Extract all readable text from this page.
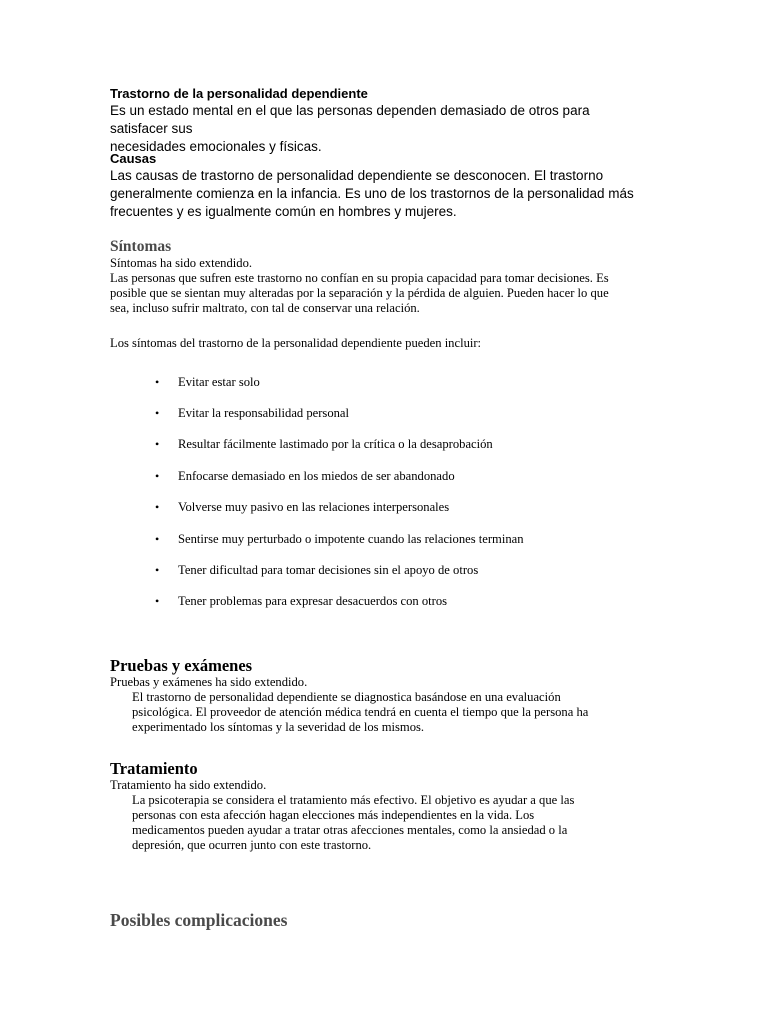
Trastorno de la personalidad dependiente

Es un estado mental en el que las personas dependen demasiado de otros para satisfacer sus

necesidades emocionales y físicas.

Causas

Las causas de trastorno de personalidad dependiente se desconocen. El trastorno

generalmente comienza en la infancia. Es uno de los trastornos de la personalidad más

frecuentes y es igualmente común en hombres y mujeres.

Síntomas

Síntomas ha sido extendido.

Las personas que sufren este trastorno no confían en su propia capacidad para tomar decisiones. Es

posible que se sientan muy alteradas por la separación y la pérdida de alguien. Pueden hacer lo que

sea, incluso sufrir maltrato, con tal de conservar una relación.

Los síntomas del trastorno de la personalidad dependiente pueden incluir:

• Evitar estar solo
• Evitar la responsabilidad personal
• Resultar fácilmente lastimado por la crítica o la desaprobación
• Enfocarse demasiado en los miedos de ser abandonado
• Volverse muy pasivo en las relaciones interpersonales
• Sentirse muy perturbado o impotente cuando las relaciones terminan
• Tener dificultad para tomar decisiones sin el apoyo de otros
• Tener problemas para expresar desacuerdos con otros

Pruebas y exámenes

Pruebas y exámenes ha sido extendido.

El trastorno de personalidad dependiente se diagnostica basándose en una evaluación

psicológica. El proveedor de atención médica tendrá en cuenta el tiempo que la persona ha

experimentado los síntomas y la severidad de los mismos.

Tratamiento

Tratamiento ha sido extendido.

La psicoterapia se considera el tratamiento más efectivo. El objetivo es ayudar a que las

personas con esta afección hagan elecciones más independientes en la vida. Los

medicamentos pueden ayudar a tratar otras afecciones mentales, como la ansiedad o la

depresión, que ocurren junto con este trastorno.

Posibles complicaciones
